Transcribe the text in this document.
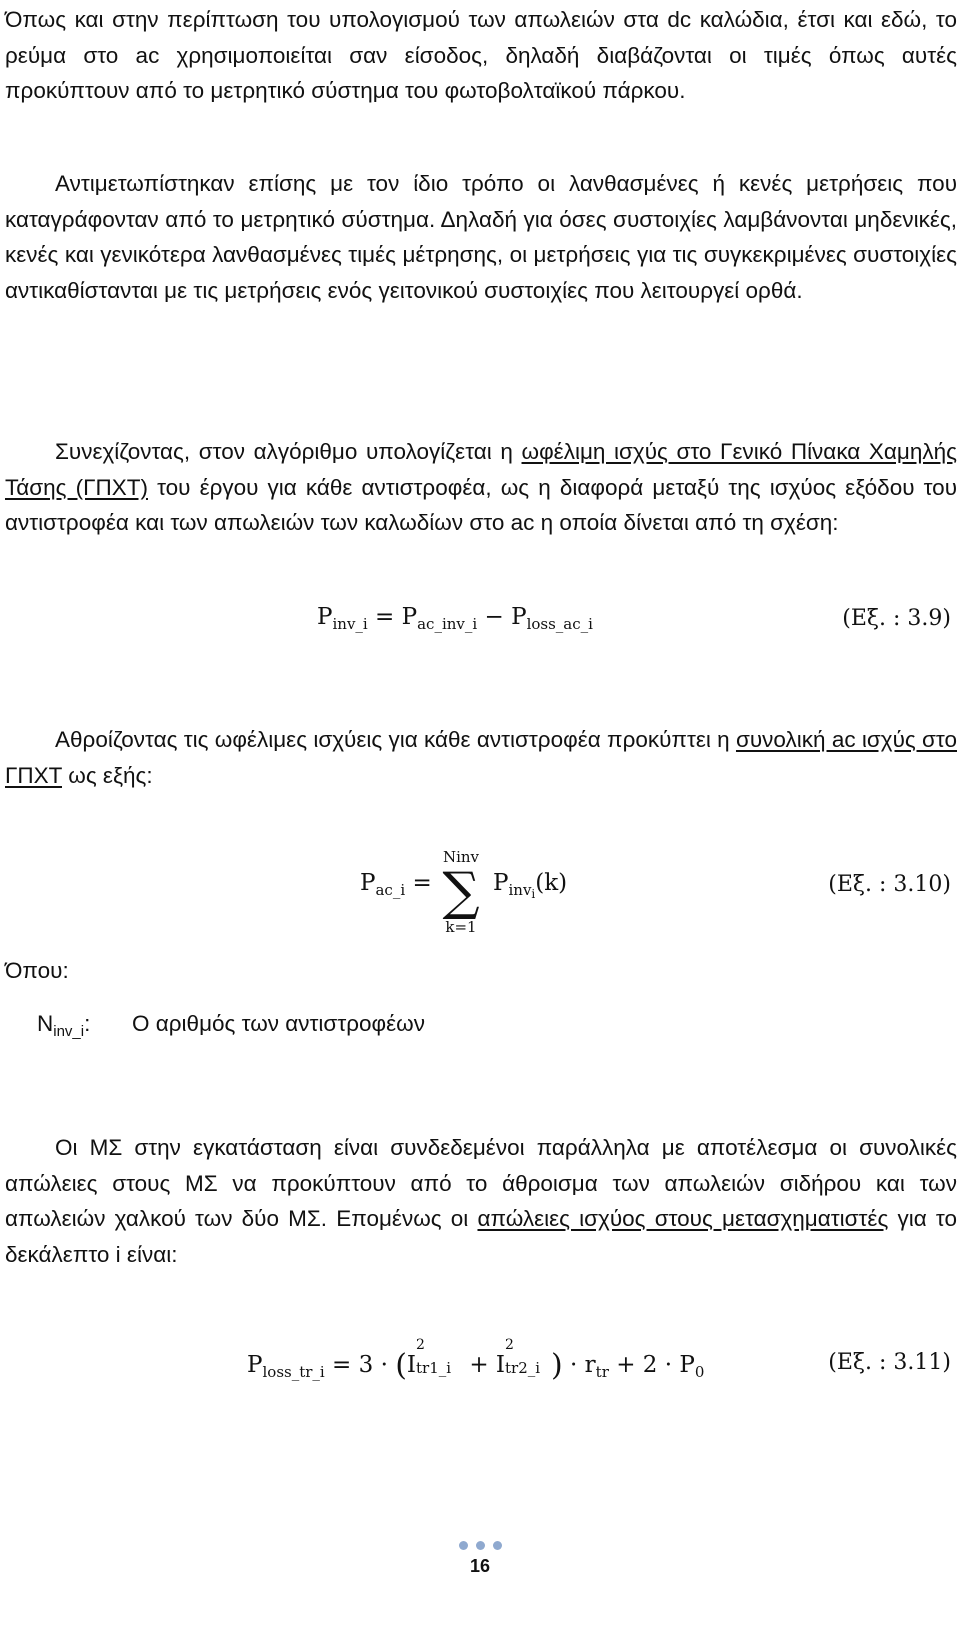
Όπως και στην περίπτωση του υπολογισμού των απωλειών στα dc καλώδια, έτσι και εδώ, το ρεύμα στο ac χρησιμοποιείται σαν είσοδος, δηλαδή διαβάζονται οι τιμές όπως αυτές προκύπτουν από το μετρητικό σύστημα του φωτοβολταϊκού πάρκου.

Αντιμετωπίστηκαν επίσης με τον ίδιο τρόπο οι λανθασμένες ή κενές μετρήσεις που καταγράφονταν από το μετρητικό σύστημα. Δηλαδή για όσες συστοιχίες λαμβάνονται μηδενικές, κενές και γενικότερα λανθασμένες τιμές μέτρησης, οι μετρήσεις για τις συγκεκριμένες συστοιχίες αντικαθίστανται με τις μετρήσεις ενός γειτονικού συστοιχίες που λειτουργεί ορθά.

Συνεχίζοντας, στον αλγόριθμο υπολογίζεται η ωφέλιμη ισχύς στο Γενικό Πίνακα Χαμηλής Τάσης (ΓΠΧΤ) του έργου για κάθε αντιστροφέα, ως η διαφορά μεταξύ της ισχύος εξόδου του αντιστροφέα και των απωλειών των καλωδίων στο ac η οποία δίνεται από τη σχέση:

$P_{inv\_i} = P_{ac\_inv\_i} - P_{loss\_ac\_i}$	(Εξ. : 3.9)

Αθροίζοντας τις ωφέλιμες ισχύεις για κάθε αντιστροφέα προκύπτει η συνολική ac ισχύς στο ΓΠΧΤ ως εξής:

$P_{ac\_i}$ =
Ninv
∑
k=1
$P_{inv_i}(k)$	(Εξ. : 3.10)
Όπου:
$N_{inv\_i}$: Ο αριθμός των αντιστροφέων

Οι ΜΣ στην εγκατάσταση είναι συνδεδεμένοι παράλληλα με αποτέλεσμα οι συνολικές απώλειες στους ΜΣ να προκύπτουν από το άθροισμα των απωλειών σιδήρου και των απωλειών χαλκού των δύο ΜΣ. Επομένως οι απώλειες ισχύος στους μετασχηματιστές για το δεκάλεπτο i είναι:

$P_{loss\_tr\_i} = 3 \cdot (I$
2
tr1_i + I
2
tr2_i ) · $r_{tr} + 2 \cdot P_0$	(Εξ. : 3.11)
16
